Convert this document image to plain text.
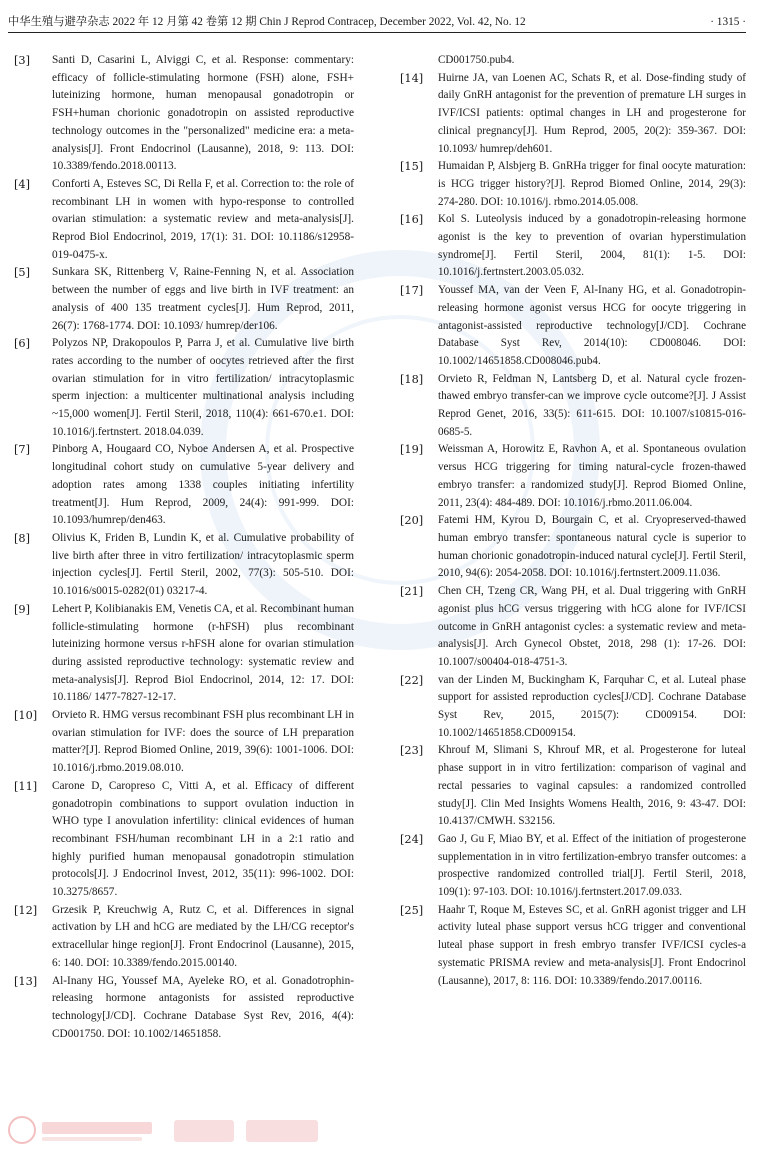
中华生殖与避孕杂志 2022 年 12 月第 42 卷第 12 期 Chin J Reprod Contracep, December 2022, Vol. 42, No. 12	· 1315 ·
[3] Santi D, Casarini L, Alviggi C, et al. Response: commentary: efficacy of follicle-stimulating hormone (FSH) alone, FSH+ luteinizing hormone, human menopausal gonadotropin or FSH+human chorionic gonadotropin on assisted reproductive technology outcomes in the "personalized" medicine era: a meta-analysis[J]. Front Endocrinol (Lausanne), 2018, 9: 113. DOI: 10.3389/fendo.2018.00113.
[4] Conforti A, Esteves SC, Di Rella F, et al. Correction to: the role of recombinant LH in women with hypo-response to controlled ovarian stimulation: a systematic review and meta-analysis[J]. Reprod Biol Endocrinol, 2019, 17(1): 31. DOI: 10.1186/s12958-019-0475-x.
[5] Sunkara SK, Rittenberg V, Raine-Fenning N, et al. Association between the number of eggs and live birth in IVF treatment: an analysis of 400 135 treatment cycles[J]. Hum Reprod, 2011, 26(7): 1768-1774. DOI: 10.1093/ humrep/der106.
[6] Polyzos NP, Drakopoulos P, Parra J, et al. Cumulative live birth rates according to the number of oocytes retrieved after the first ovarian stimulation for in vitro fertilization/ intracytoplasmic sperm injection: a multicenter multinational analysis including ~15,000 women[J]. Fertil Steril, 2018, 110(4): 661-670.e1. DOI: 10.1016/j.fertnstert. 2018.04.039.
[7] Pinborg A, Hougaard CO, Nyboe Andersen A, et al. Prospective longitudinal cohort study on cumulative 5-year delivery and adoption rates among 1338 couples initiating infertility treatment[J]. Hum Reprod, 2009, 24(4): 991-999. DOI: 10.1093/humrep/den463.
[8] Olivius K, Friden B, Lundin K, et al. Cumulative probability of live birth after three in vitro fertilization/ intracytoplasmic sperm injection cycles[J]. Fertil Steril, 2002, 77(3): 505-510. DOI: 10.1016/s0015-0282(01) 03217-4.
[9] Lehert P, Kolibianakis EM, Venetis CA, et al. Recombinant human follicle-stimulating hormone (r-hFSH) plus recombinant luteinizing hormone versus r-hFSH alone for ovarian stimulation during assisted reproductive technology: systematic review and meta-analysis[J]. Reprod Biol Endocrinol, 2014, 12: 17. DOI: 10.1186/ 1477-7827-12-17.
[10] Orvieto R. HMG versus recombinant FSH plus recombinant LH in ovarian stimulation for IVF: does the source of LH preparation matter?[J]. Reprod Biomed Online, 2019, 39(6): 1001-1006. DOI: 10.1016/j.rbmo.2019.08.010.
[11] Carone D, Caropreso C, Vitti A, et al. Efficacy of different gonadotropin combinations to support ovulation induction in WHO type I anovulation infertility: clinical evidences of human recombinant FSH/human recombinant LH in a 2:1 ratio and highly purified human menopausal gonadotropin stimulation protocols[J]. J Endocrinol Invest, 2012, 35(11): 996-1002. DOI: 10.3275/8657.
[12] Grzesik P, Kreuchwig A, Rutz C, et al. Differences in signal activation by LH and hCG are mediated by the LH/CG receptor's extracellular hinge region[J]. Front Endocrinol (Lausanne), 2015, 6: 140. DOI: 10.3389/fendo.2015.00140.
[13] Al-Inany HG, Youssef MA, Ayeleke RO, et al. Gonadotrophin-releasing hormone antagonists for assisted reproductive technology[J/CD]. Cochrane Database Syst Rev, 2016, 4(4): CD001750. DOI: 10.1002/14651858.
CD001750.pub4.
[14] Huirne JA, van Loenen AC, Schats R, et al. Dose-finding study of daily GnRH antagonist for the prevention of premature LH surges in IVF/ICSI patients: optimal changes in LH and progesterone for clinical pregnancy[J]. Hum Reprod, 2005, 20(2): 359-367. DOI: 10.1093/ humrep/deh601.
[15] Humaidan P, Alsbjerg B. GnRHa trigger for final oocyte maturation: is HCG trigger history?[J]. Reprod Biomed Online, 2014, 29(3): 274-280. DOI: 10.1016/j. rbmo.2014.05.008.
[16] Kol S. Luteolysis induced by a gonadotropin-releasing hormone agonist is the key to prevention of ovarian hyperstimulation syndrome[J]. Fertil Steril, 2004, 81(1): 1-5. DOI: 10.1016/j.fertnstert.2003.05.032.
[17] Youssef MA, van der Veen F, Al-Inany HG, et al. Gonadotropin-releasing hormone agonist versus HCG for oocyte triggering in antagonist-assisted reproductive technology[J/CD]. Cochrane Database Syst Rev, 2014(10): CD008046. DOI: 10.1002/14651858.CD008046.pub4.
[18] Orvieto R, Feldman N, Lantsberg D, et al. Natural cycle frozen-thawed embryo transfer-can we improve cycle outcome?[J]. J Assist Reprod Genet, 2016, 33(5): 611-615. DOI: 10.1007/s10815-016-0685-5.
[19] Weissman A, Horowitz E, Ravhon A, et al. Spontaneous ovulation versus HCG triggering for timing natural-cycle frozen-thawed embryo transfer: a randomized study[J]. Reprod Biomed Online, 2011, 23(4): 484-489. DOI: 10.1016/j.rbmo.2011.06.004.
[20] Fatemi HM, Kyrou D, Bourgain C, et al. Cryopreserved-thawed human embryo transfer: spontaneous natural cycle is superior to human chorionic gonadotropin-induced natural cycle[J]. Fertil Steril, 2010, 94(6): 2054-2058. DOI: 10.1016/j.fertnstert.2009.11.036.
[21] Chen CH, Tzeng CR, Wang PH, et al. Dual triggering with GnRH agonist plus hCG versus triggering with hCG alone for IVF/ICSI outcome in GnRH antagonist cycles: a systematic review and meta-analysis[J]. Arch Gynecol Obstet, 2018, 298 (1): 17-26. DOI: 10.1007/s00404-018-4751-3.
[22] van der Linden M, Buckingham K, Farquhar C, et al. Luteal phase support for assisted reproduction cycles[J/CD]. Cochrane Database Syst Rev, 2015, 2015(7): CD009154. DOI: 10.1002/14651858.CD009154.
[23] Khrouf M, Slimani S, Khrouf MR, et al. Progesterone for luteal phase support in in vitro fertilization: comparison of vaginal and rectal pessaries to vaginal capsules: a randomized controlled study[J]. Clin Med Insights Womens Health, 2016, 9: 43-47. DOI: 10.4137/CMWH. S32156.
[24] Gao J, Gu F, Miao BY, et al. Effect of the initiation of progesterone supplementation in in vitro fertilization-embryo transfer outcomes: a prospective randomized controlled trial[J]. Fertil Steril, 2018, 109(1): 97-103. DOI: 10.1016/j.fertnstert.2017.09.033.
[25] Haahr T, Roque M, Esteves SC, et al. GnRH agonist trigger and LH activity luteal phase support versus hCG trigger and conventional luteal phase support in fresh embryo transfer IVF/ICSI cycles-a systematic PRISMA review and meta-analysis[J]. Front Endocrinol (Lausanne), 2017, 8: 116. DOI: 10.3389/fendo.2017.00116.
